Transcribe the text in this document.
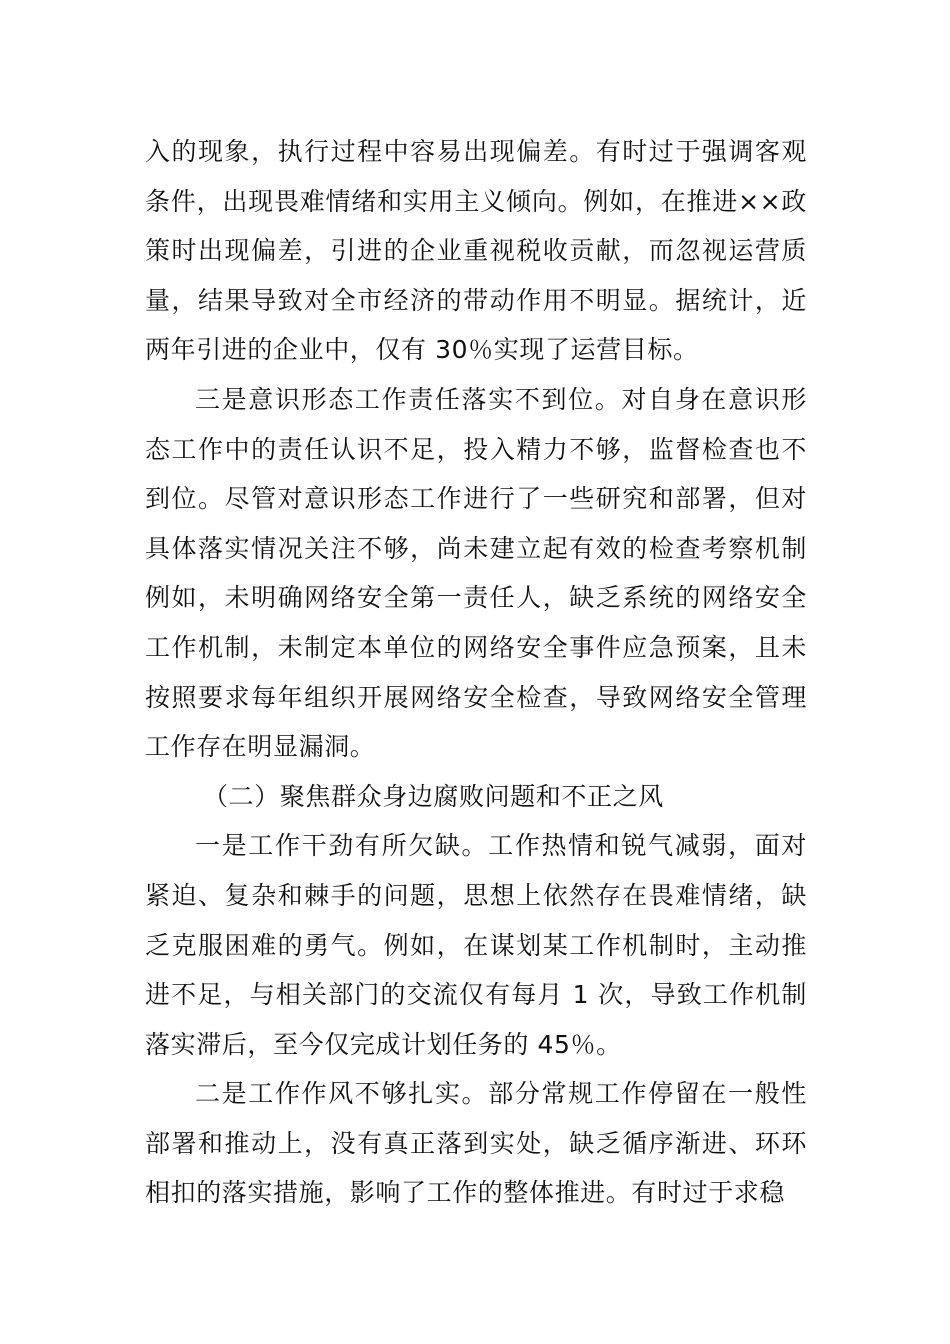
入的现象，执行过程中容易出现偏差。有时过于强调客观条件，出现畏难情绪和实用主义倾向。例如，在推进××政策时出现偏差，引进的企业重视税收贡献，而忽视运营质量，结果导致对全市经济的带动作用不明显。据统计，近两年引进的企业中，仅有 30％实现了运营目标。

三是意识形态工作责任落实不到位。对自身在意识形态工作中的责任认识不足，投入精力不够，监督检查也不到位。尽管对意识形态工作进行了一些研究和部署，但对具体落实情况关注不够，尚未建立起有效的检查考察机制例如，未明确网络安全第一责任人，缺乏系统的网络安全工作机制，未制定本单位的网络安全事件应急预案，且未按照要求每年组织开展网络安全检查，导致网络安全管理工作存在明显漏洞。

（二）聚焦群众身边腐败问题和不正之风

一是工作干劲有所欠缺。工作热情和锐气减弱，面对紧迫、复杂和棘手的问题，思想上依然存在畏难情绪，缺乏克服困难的勇气。例如，在谋划某工作机制时，主动推进不足，与相关部门的交流仅有每月 1 次，导致工作机制落实滞后，至今仅完成计划任务的 45％。

二是工作作风不够扎实。部分常规工作停留在一般性部署和推动上，没有真正落到实处，缺乏循序渐进、环环相扣的落实措施，影响了工作的整体推进。有时过于求稳
